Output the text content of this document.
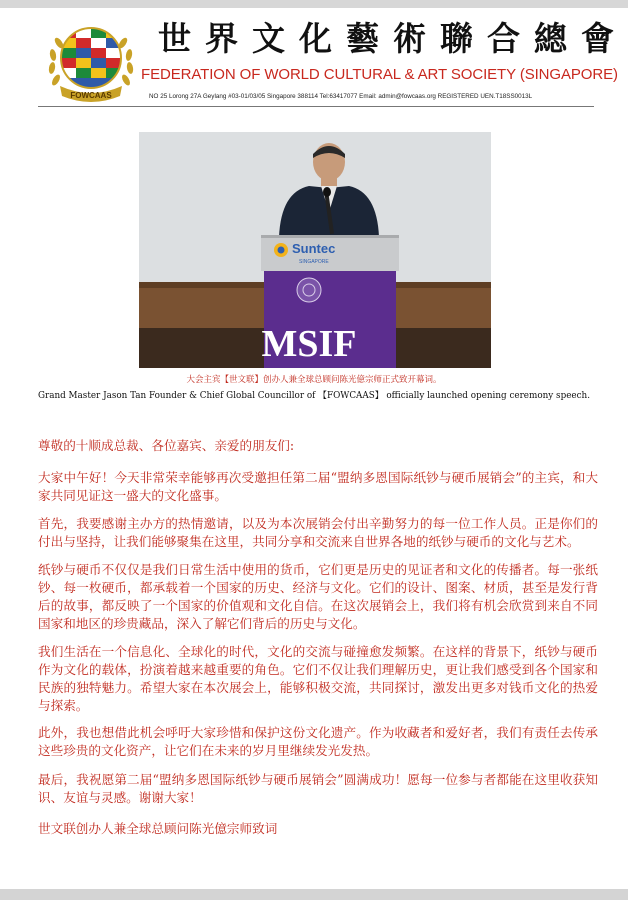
FOWCAAS
世界文化藝術聯合總會
FEDERATION OF WORLD CULTURAL & ART SOCIETY (SINGAPORE)
NO 25 Lorong 27A Geylang #03-01/03/05 Singapore 388114 Tel:63417077 Email: admin@fowcaas.org REGISTERED UEN.T18SS0013L
Suntec
SINGAPORE
MSIF
大会主宾【世文联】创办人兼全球总顾问陈光億宗师正式致开幕词。
Grand Master Jason Tan Founder & Chief Global Councillor of 【FOWCAAS】 officially launched opening ceremony speech.
尊敬的十顺成总裁、各位嘉宾、亲爱的朋友们:
大家中午好！今天非常荣幸能够再次受邀担任第二届“盟纳多恩国际纸钞与硬币展销会”的主宾，和大家共同见证这一盛大的文化盛事。
首先，我要感谢主办方的热情邀请，以及为本次展销会付出辛勤努力的每一位工作人员。正是你们的付出与坚持，让我们能够聚集在这里，共同分享和交流来自世界各地的纸钞与硬币的文化与艺术。
纸钞与硬币不仅仅是我们日常生活中使用的货币，它们更是历史的见证者和文化的传播者。每一张纸钞、每一枚硬币，都承载着一个国家的历史、经济与文化。它们的设计、图案、材质，甚至是发行背后的故事，都反映了一个国家的价值观和文化自信。在这次展销会上，我们将有机会欣赏到来自不同国家和地区的珍贵藏品，深入了解它们背后的历史与文化。
我们生活在一个信息化、全球化的时代，文化的交流与碰撞愈发频繁。在这样的背景下，纸钞与硬币作为文化的载体，扮演着越来越重要的角色。它们不仅让我们理解历史，更让我们感受到各个国家和民族的独特魅力。希望大家在本次展会上，能够积极交流，共同探讨，激发出更多对钱币文化的热爱与探索。
此外，我也想借此机会呼吁大家珍惜和保护这份文化遗产。作为收藏者和爱好者，我们有责任去传承这些珍贵的文化资产，让它们在未来的岁月里继续发光发热。
最后，我祝愿第二届“盟纳多恩国际纸钞与硬币展销会”圆满成功！愿每一位参与者都能在这里收获知识、友谊与灵感。谢谢大家！
世文联创办人兼全球总顾问陈光億宗师致词
